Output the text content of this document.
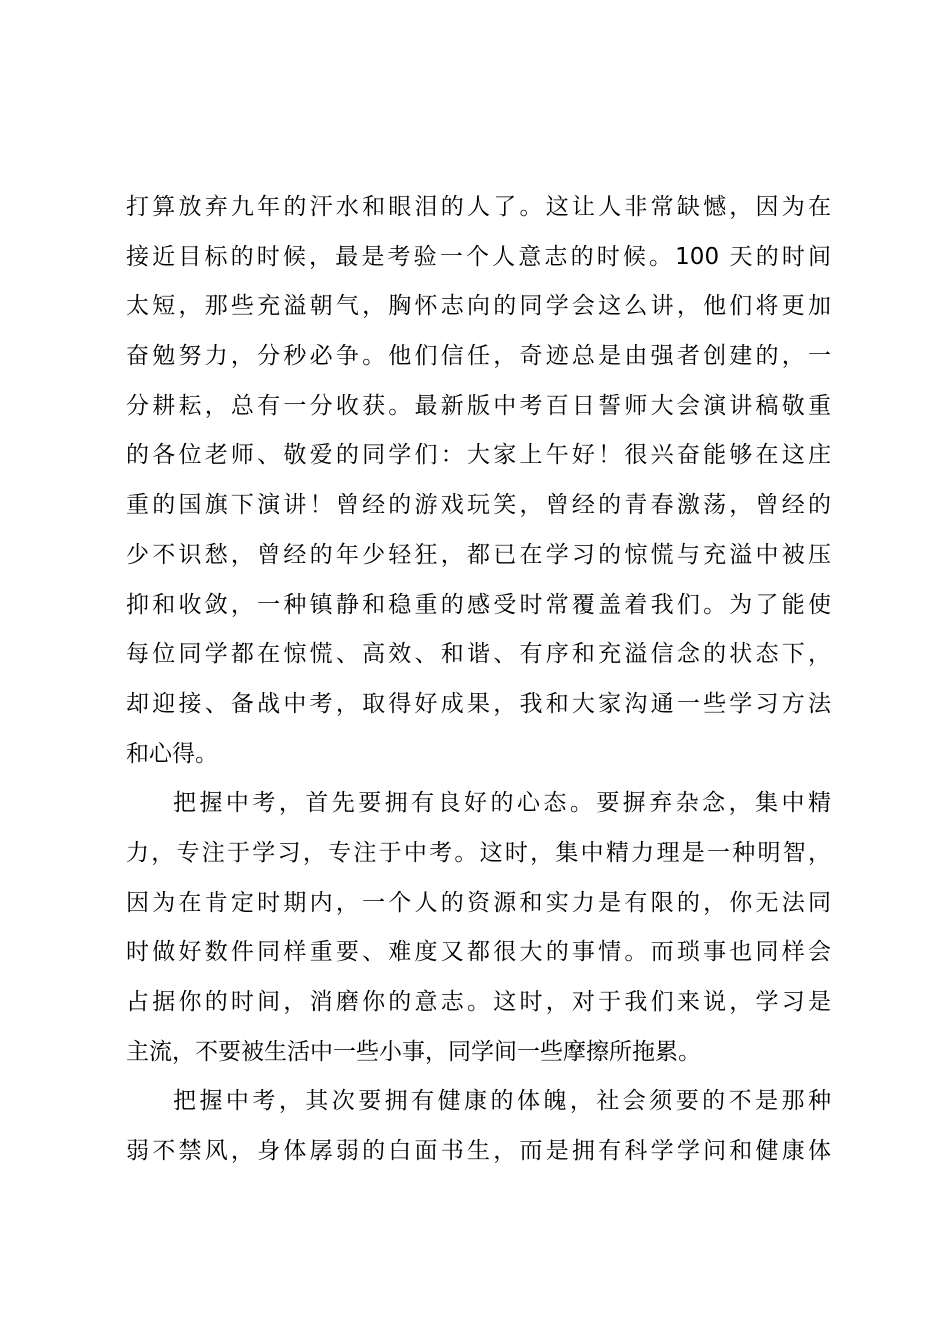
打算放弃九年的汗水和眼泪的人了。这让人非常缺憾，因为在
接近目标的时候，最是考验一个人意志的时候。100 天的时间
太短，那些充溢朝气，胸怀志向的同学会这么讲，他们将更加
奋勉努力，分秒必争。他们信任，奇迹总是由强者创建的，一
分耕耘，总有一分收获。最新版中考百日誓师大会演讲稿敬重
的各位老师、敬爱的同学们：大家上午好！很兴奋能够在这庄
重的国旗下演讲！曾经的游戏玩笑，曾经的青春激荡，曾经的
少不识愁，曾经的年少轻狂，都已在学习的惊慌与充溢中被压
抑和收敛，一种镇静和稳重的感受时常覆盖着我们。为了能使
每位同学都在惊慌、高效、和谐、有序和充溢信念的状态下，
却迎接、备战中考，取得好成果，我和大家沟通一些学习方法
和心得。
把握中考，首先要拥有良好的心态。要摒弃杂念，集中精
力，专注于学习，专注于中考。这时，集中精力理是一种明智，
因为在肯定时期内，一个人的资源和实力是有限的，你无法同
时做好数件同样重要、难度又都很大的事情。而琐事也同样会
占据你的时间，消磨你的意志。这时，对于我们来说，学习是
主流，不要被生活中一些小事，同学间一些摩擦所拖累。
把握中考，其次要拥有健康的体魄，社会须要的不是那种
弱不禁风，身体孱弱的白面书生，而是拥有科学学问和健康体
